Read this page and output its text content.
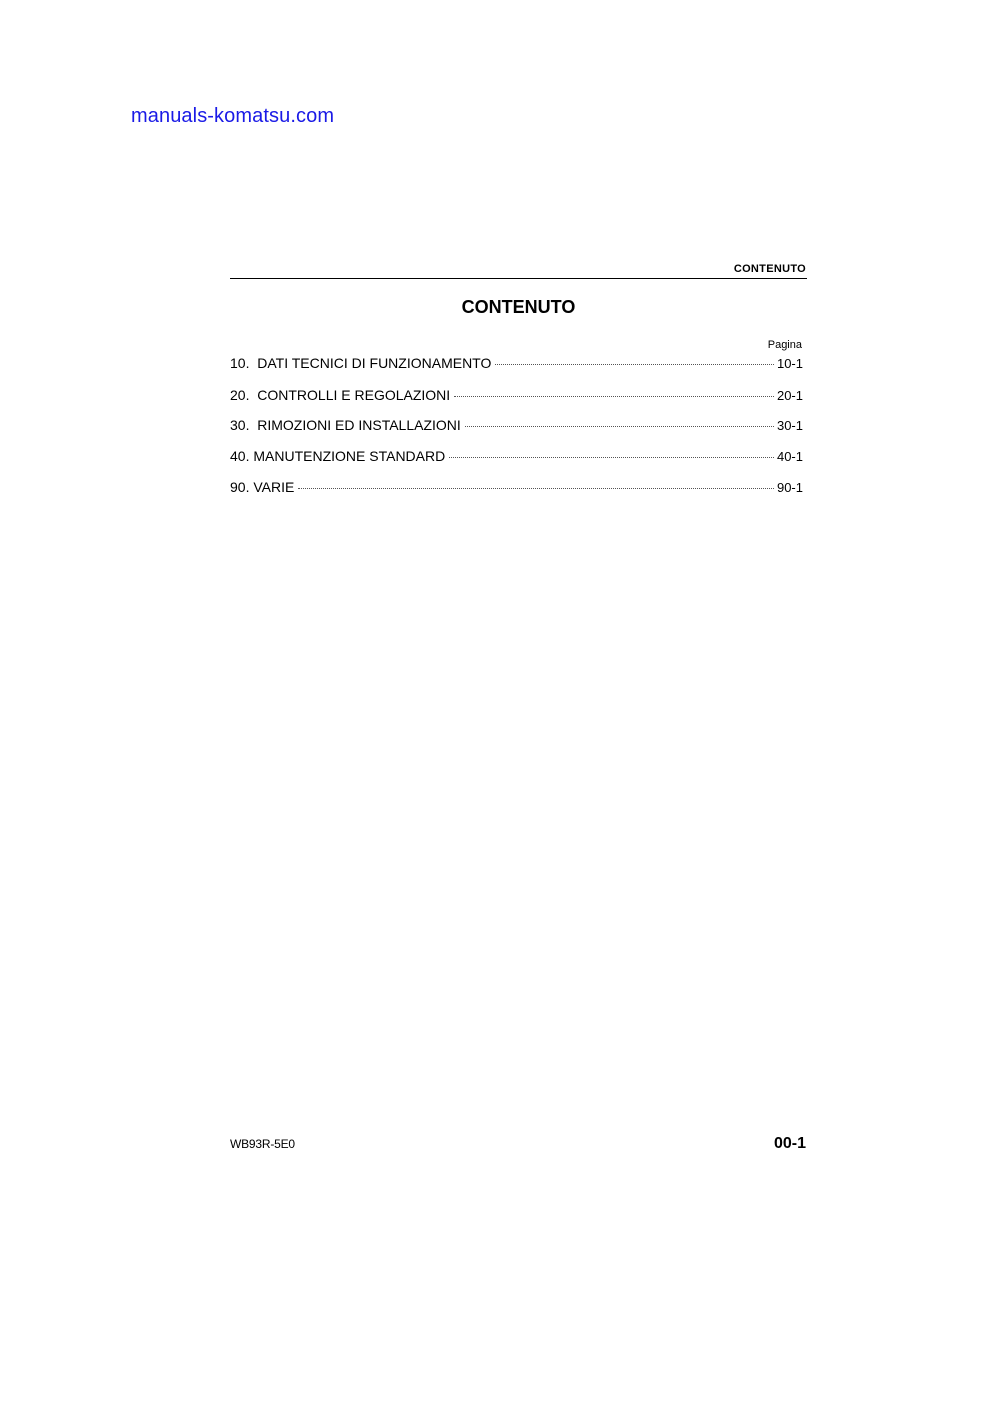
manuals-komatsu.com
CONTENUTO
CONTENUTO
Pagina
10. DATI TECNICI DI FUNZIONAMENTO	10-1
20. CONTROLLI E REGOLAZIONI	20-1
30. RIMOZIONI ED INSTALLAZIONI	30-1
40. MANUTENZIONE STANDARD	40-1
90. VARIE	90-1
WB93R-5E0	00-1
